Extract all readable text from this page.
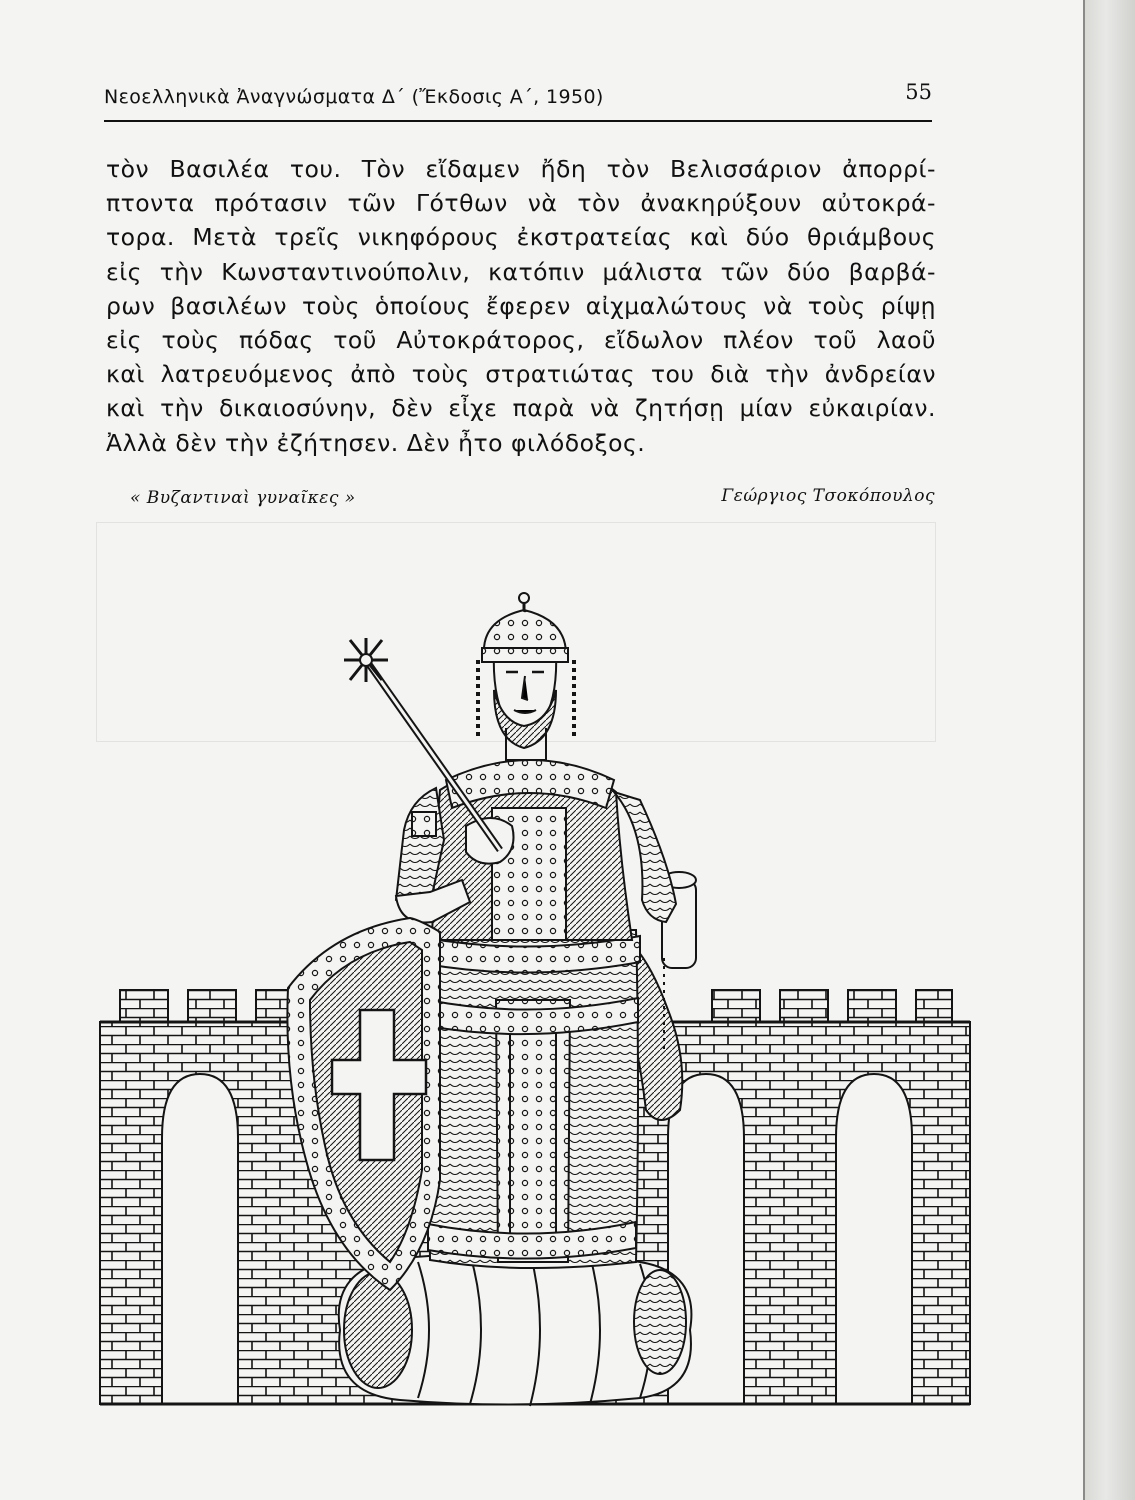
Νεοελληνικὰ Ἀναγνώσματα Δ΄ (Ἔκδοσις Α΄, 1950)	55
τὸν Βασιλέα του. Τὸν εἴδαμεν ἤδη τὸν Βελισσάριον ἀπορρί-
πτοντα πρότασιν τῶν Γότθων νὰ τὸν ἀνακηρύξουν αὐτοκρά-
τορα. Μετὰ τρεῖς νικηφόρους ἐκστρατείας καὶ δύο θριάμβους
εἰς τὴν Κωνσταντινούπολιν, κατόπιν μάλιστα τῶν δύο βαρβά-
ρων βασιλέων τοὺς ὁποίους ἔφερεν αἰχμαλώτους νὰ τοὺς ρίψῃ
εἰς τοὺς πόδας τοῦ Αὐτοκράτορος, εἴδωλον πλέον τοῦ λαοῦ
καὶ λατρευόμενος ἀπὸ τοὺς στρατιώτας του διὰ τὴν ἀνδρείαν
καὶ τὴν δικαιοσύνην, δὲν εἶχε παρὰ νὰ ζητήσῃ μίαν εὐκαιρίαν.
Ἀλλὰ δὲν τὴν ἐζήτησεν. Δὲν ἦτο φιλόδοξος.
« Βυζαντιναὶ γυναῖκες »	Γεώργιος Τσοκόπουλος
